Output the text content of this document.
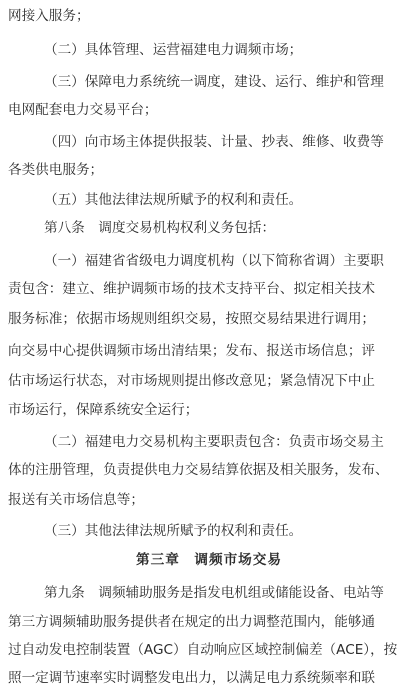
网接入服务；
（二）具体管理、运营福建电力调频市场；
（三）保障电力系统统一调度，建设、运行、维护和管理
电网配套电力交易平台；
（四）向市场主体提供报装、计量、抄表、维修、收费等
各类供电服务；
（五）其他法律法规所赋予的权利和责任。
第八条　调度交易机构权利义务包括：
（一）福建省省级电力调度机构（以下简称省调）主要职
责包含：建立、维护调频市场的技术支持平台、拟定相关技术
服务标准；依据市场规则组织交易，按照交易结果进行调用；
向交易中心提供调频市场出清结果；发布、报送市场信息；评
估市场运行状态，对市场规则提出修改意见；紧急情况下中止
市场运行，保障系统安全运行；
（二）福建电力交易机构主要职责包含：负责市场交易主
体的注册管理，负责提供电力交易结算依据及相关服务，发布、
报送有关市场信息等；
（三）其他法律法规所赋予的权利和责任。
第三章　调频市场交易
第九条　调频辅助服务是指发电机组或储能设备、电站等
第三方调频辅助服务提供者在规定的出力调整范围内，能够通
过自动发电控制装置（AGC）自动响应区域控制偏差（ACE），按
照一定调节速率实时调整发电出力，以满足电力系统频率和联
